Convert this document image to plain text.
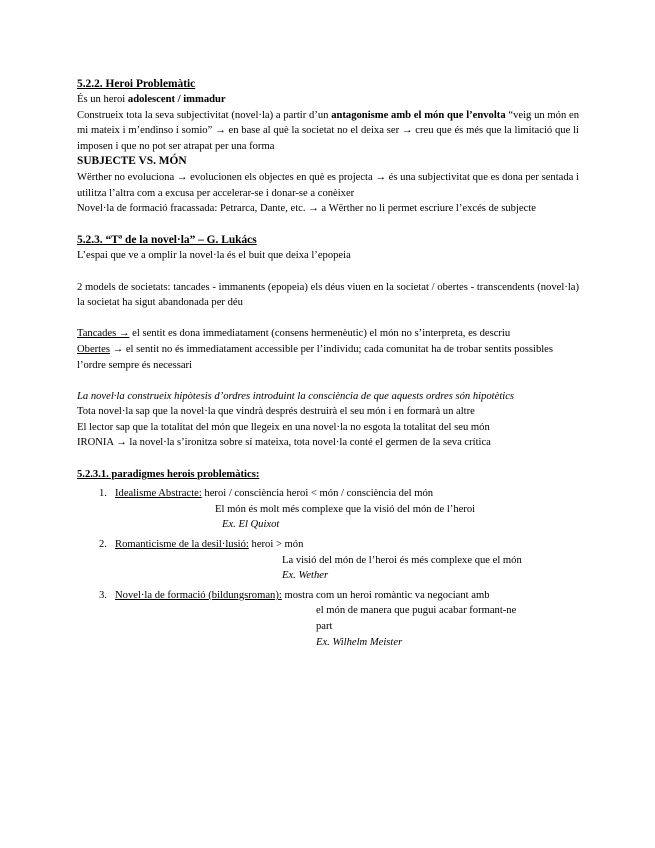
5.2.2. Heroi Problemàtic

És un heroi adolescent / immadur

Construeix tota la seva subjectivitat (novel·la) a partir d’un antagonisme amb el món que l’envolta “veig un món en mi mateix i m’endinso i somio” → en base al què la societat no el deixa ser → creu que és més que la limitació que li imposen i que no pot ser atrapat per una forma

SUBJECTE VS. MÓN

Wërther no evoluciona → evolucionen els objectes en què es projecta → és una subjectivitat que es dona per sentada i utilitza l’altra com a excusa per accelerar-se i donar-se a conèixer

Novel·la de formació fracassada: Petrarca, Dante, etc. → a Wërther no li permet escriure l’excés de subjecte

5.2.3. “Tª de la novel·la” – G. Lukács

L’espai que ve a omplir la novel·la és el buit que deixa l’epopeia

2 models de societats: tancades - immanents (epopeia) els déus viuen en la societat / obertes - transcendents (novel·la) la societat ha sigut abandonada per déu

Tancades → el sentit es dona immediatament (consens hermenèutic) el món no s’interpreta, es descriu

Obertes → el sentit no és immediatament accessible per l’individu; cada comunitat ha de trobar sentits possibles

l’ordre sempre és necessari

La novel·la construeix hipòtesis d’ordres introduint la consciència de que aquests ordres són hipotètics

Tota novel·la sap que la novel·la que vindrà després destruirà el seu món i en formarà un altre

El lector sap que la totalitat del món que llegeix en una novel·la no esgota la totalitat del seu món

IRONIA → la novel·la s’ironitza sobre sí mateixa, tota novel·la conté el germen de la seva crítica

5.2.3.1. paradigmes herois problemàtics:
1. Idealisme Abstracte: heroi / consciència heroi < món / consciència del món
El món és molt més complexe que la visió del món de l’heroi
Ex. El Quixot
2. Romanticisme de la desil·lusió: heroi > món
La visió del món de l’heroi és més complexe que el món
Ex. Wether
3. Novel·la de formació (bildungsroman): mostra com un heroi romàntic va negociant amb
el món de manera que pugui acabar formant-ne
part
Ex. Wilhelm Meister
